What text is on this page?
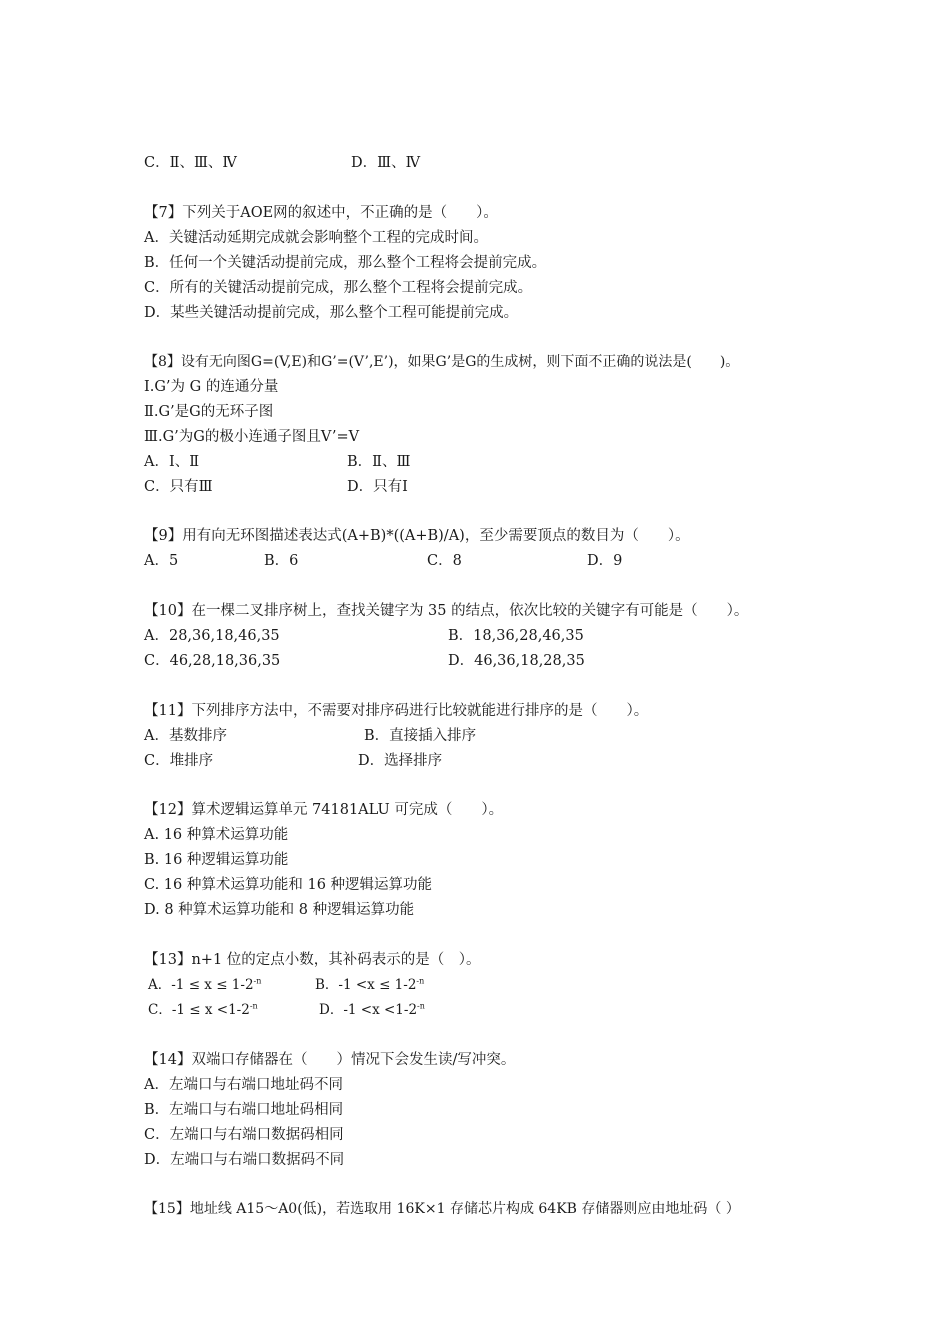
C．Ⅱ、Ⅲ、Ⅳ	D．Ⅲ、Ⅳ
【7】下列关于AOE网的叙述中，不正确的是（　　）。
A．关键活动延期完成就会影响整个工程的完成时间。
B．任何一个关键活动提前完成，那么整个工程将会提前完成。
C．所有的关键活动提前完成，那么整个工程将会提前完成。
D．某些关键活动提前完成，那么整个工程可能提前完成。
【8】设有无向图G=(V,E)和G’=(V’,E’)，如果G’是G的生成树，则下面不正确的说法是(　　)。
Ⅰ.G’为 G 的连通分量
Ⅱ.G’是G的无环子图
Ⅲ.G’为G的极小连通子图且V’=V
A．Ⅰ、Ⅱ	B．Ⅱ、Ⅲ
C．只有Ⅲ	D．只有Ⅰ
【9】用有向无环图描述表达式(A+B)*((A+B)/A)，至少需要顶点的数目为（　　）。
A．5	B．6	C．8	D．9
【10】在一棵二叉排序树上，查找关键字为 35 的结点，依次比较的关键字有可能是（　　）。
A．28,36,18,46,35	B．18,36,28,46,35
C．46,28,18,36,35	D．46,36,18,28,35
【11】下列排序方法中，不需要对排序码进行比较就能进行排序的是（　　）。
A．基数排序	B．直接插入排序
C．堆排序	D．选择排序
【12】算术逻辑运算单元 74181ALU 可完成（　　）。
A. 16 种算术运算功能
B. 16 种逻辑运算功能
C. 16 种算术运算功能和 16 种逻辑运算功能
D. 8 种算术运算功能和 8 种逻辑运算功能
【13】n+1 位的定点小数，其补码表示的是（　）。
A．$-1 \le x \le 1-2^{-n}$	B．$-1 <x \le 1-2^{-n}$
C．$-1 \le x <1-2^{-n}$	D．$-1 <x <1-2^{-n}$
【14】双端口存储器在（　　）情况下会发生读/写冲突。
A．左端口与右端口地址码不同
B．左端口与右端口地址码相同
C．左端口与右端口数据码相同
D．左端口与右端口数据码不同
【15】地址线 A15～A0(低)，若选取用 16K×1 存储芯片构成 64KB 存储器则应由地址码（ ）
